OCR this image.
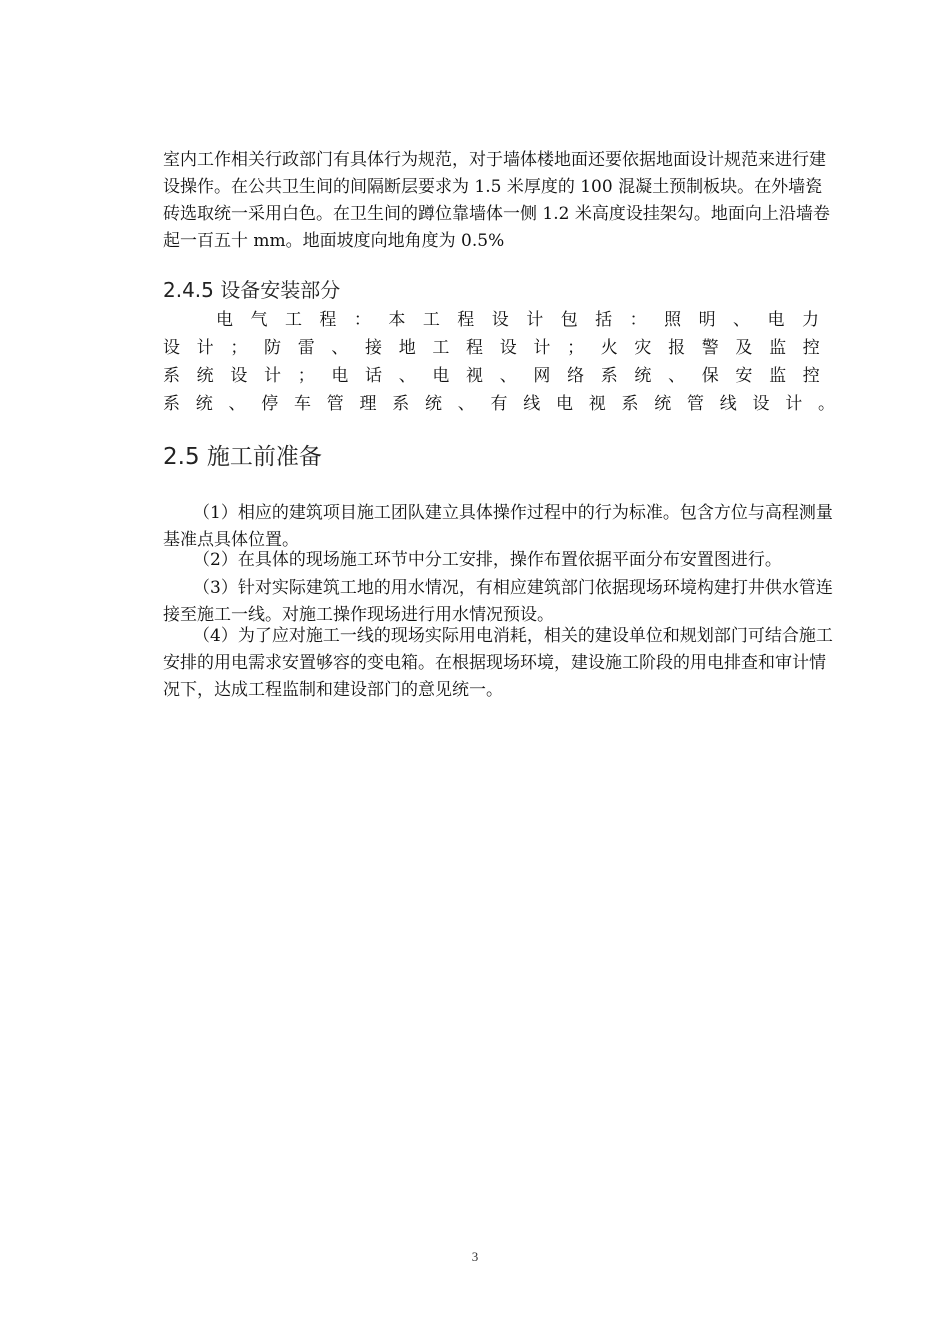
室内工作相关行政部门有具体行为规范，对于墙体楼地面还要依据地面设计规范来进行建设操作。在公共卫生间的间隔断层要求为 1.5 米厚度的 100 混凝土预制板块。在外墙瓷砖选取统一采用白色。在卫生间的蹲位靠墙体一侧 1.2 米高度设挂架勾。地面向上沿墙卷起一百五十 mm。地面坡度向地角度为 0.5%

2.4.5 设备安装部分
电 气 工 程 ： 本 工 程 设 计 包 括 ： 照 明 、 电 力
设 计 ； 防 雷 、 接 地 工 程 设 计 ； 火 灾 报 警 及 监 控
系 统 设 计 ； 电 话 、 电 视 、 网 络 系 统 、 保 安 监 控
系 统 、 停 车 管 理 系 统 、 有 线 电 视 系 统 管 线 设 计 。
2.5 施工前准备

（1）相应的建筑项目施工团队建立具体操作过程中的行为标准。包含方位与高程测量基准点具体位置。

（2）在具体的现场施工环节中分工安排，操作布置依据平面分布安置图进行。

（3）针对实际建筑工地的用水情况，有相应建筑部门依据现场环境构建打井供水管连接至施工一线。对施工操作现场进行用水情况预设。

（4）为了应对施工一线的现场实际用电消耗，相关的建设单位和规划部门可结合施工安排的用电需求安置够容的变电箱。在根据现场环境，建设施工阶段的用电排查和审计情况下，达成工程监制和建设部门的意见统一。

3
